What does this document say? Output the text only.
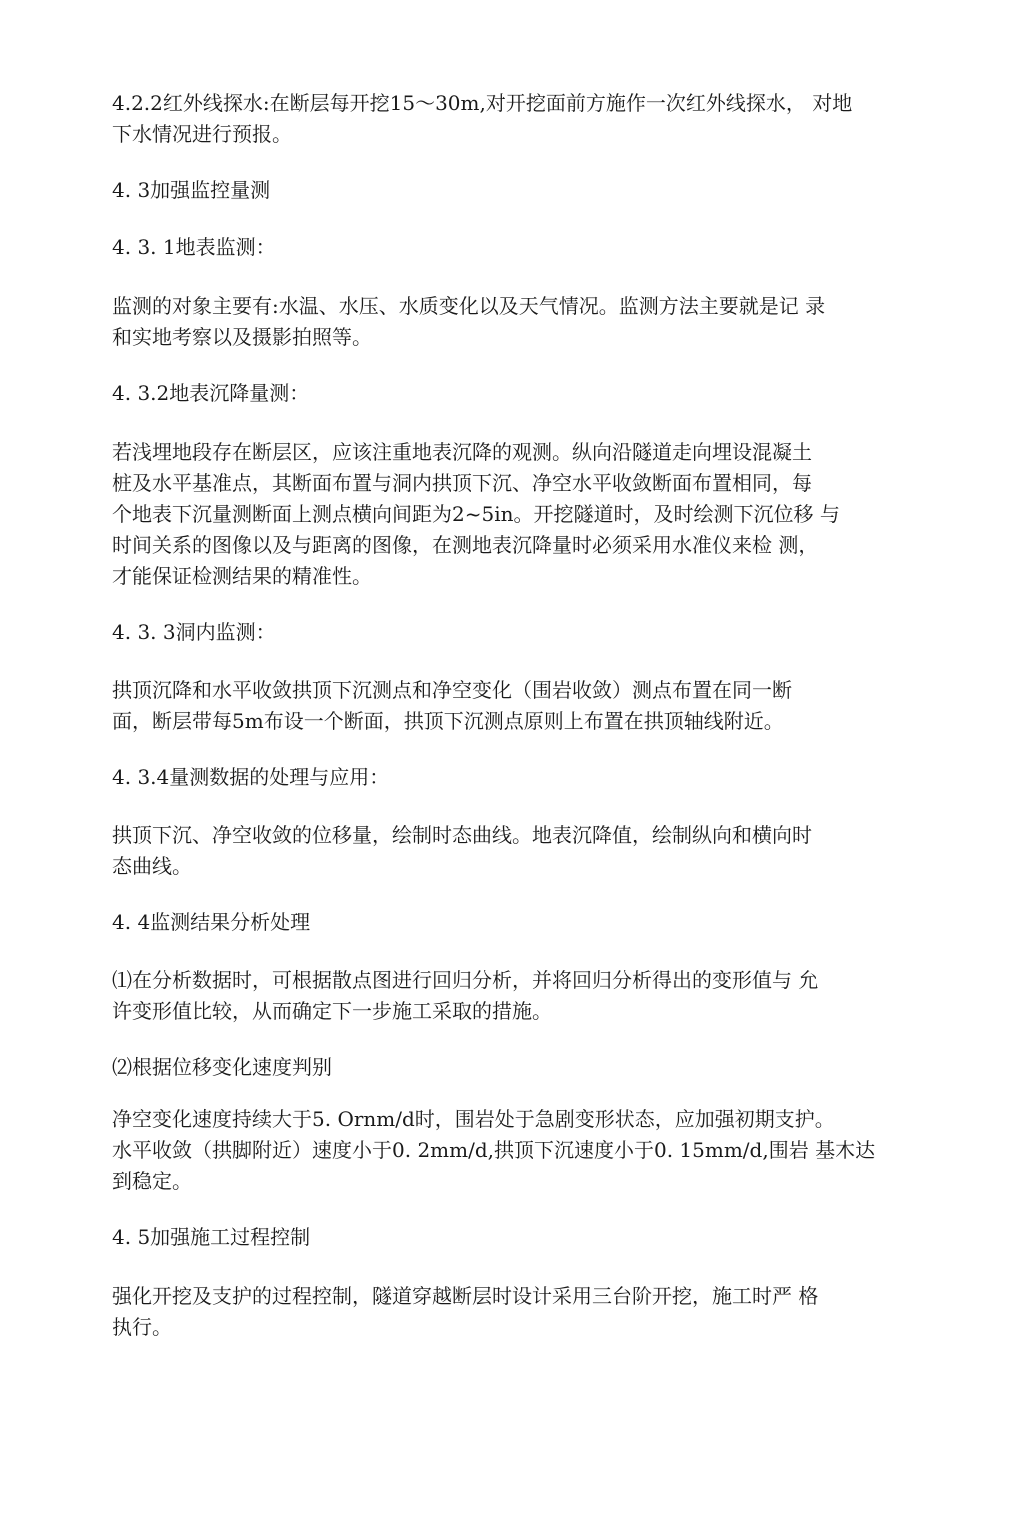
4.2.2红外线探水:在断层每开挖15～30m,对开挖面前方施作一次红外线探水， 对地
下水情况进行预报。
4. 3加强监控量测
4. 3. 1地表监测：
监测的对象主要有:水温、水压、水质变化以及天气情况。监测方法主要就是记 录
和实地考察以及摄影拍照等。
4. 3.2地表沉降量测：
若浅埋地段存在断层区，应该注重地表沉降的观测。纵向沿隧道走向埋设混凝土
桩及水平基准点，其断面布置与洞内拱顶下沉、净空水平收敛断面布置相同，每
个地表下沉量测断面上测点横向间距为2~5in。开挖隧道时，及时绘测下沉位移 与
时间关系的图像以及与距离的图像，在测地表沉降量时必须采用水准仪来检 测，
才能保证检测结果的精准性。
4. 3. 3洞内监测：
拱顶沉降和水平收敛拱顶下沉测点和净空变化（围岩收敛）测点布置在同一断
面，断层带每5m布设一个断面，拱顶下沉测点原则上布置在拱顶轴线附近。
4. 3.4量测数据的处理与应用：
拱顶下沉、净空收敛的位移量，绘制时态曲线。地表沉降值，绘制纵向和横向时
态曲线。
4. 4监测结果分析处理
⑴在分析数据时，可根据散点图进行回归分析，并将回归分析得出的变形值与 允
许变形值比较，从而确定下一步施工采取的措施。
⑵根据位移变化速度判别
净空变化速度持续大于5. Ornm/d时，围岩处于急剧变形状态，应加强初期支护。
水平收敛（拱脚附近）速度小于0. 2mm/d,拱顶下沉速度小于0. 15mm/d,围岩 基木达
到稳定。
4. 5加强施工过程控制
强化开挖及支护的过程控制，隧道穿越断层时设计采用三台阶开挖，施工时严 格
执行。
